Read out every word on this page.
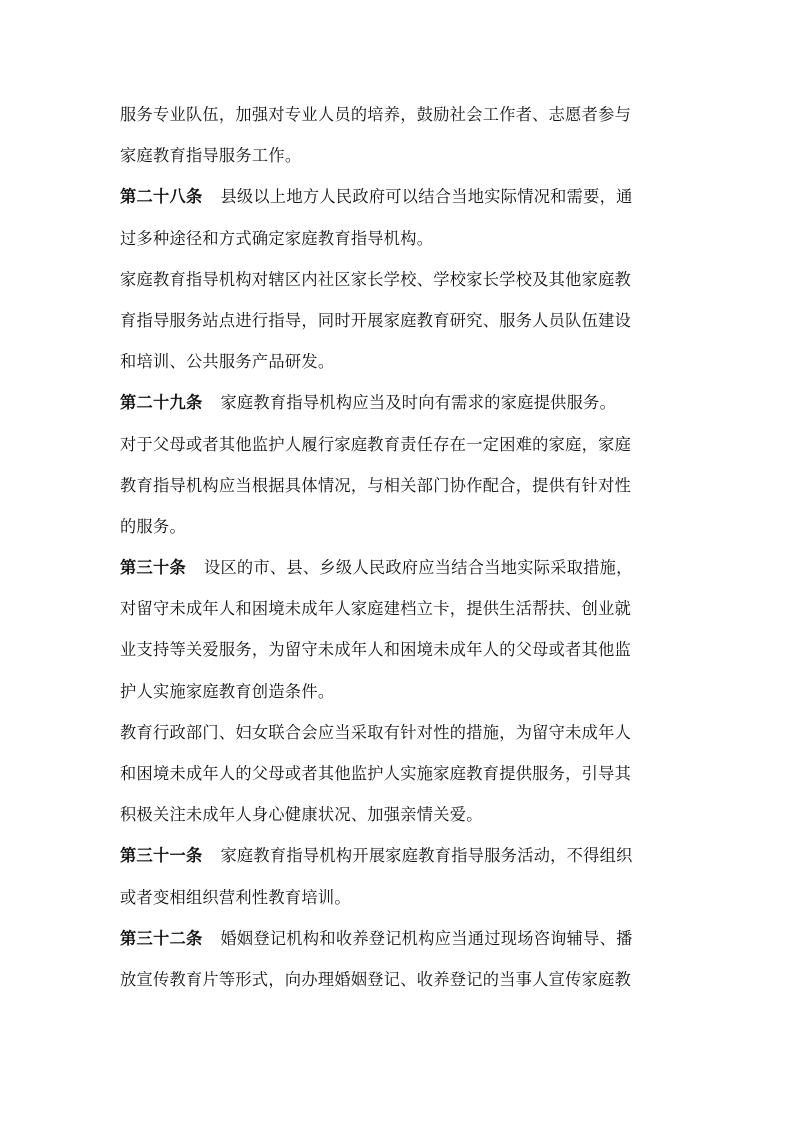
服务专业队伍，加强对专业人员的培养，鼓励社会工作者、志愿者参与
家庭教育指导服务工作。
第二十八条 县级以上地方人民政府可以结合当地实际情况和需要，通
过多种途径和方式确定家庭教育指导机构。
家庭教育指导机构对辖区内社区家长学校、学校家长学校及其他家庭教
育指导服务站点进行指导，同时开展家庭教育研究、服务人员队伍建设
和培训、公共服务产品研发。
第二十九条 家庭教育指导机构应当及时向有需求的家庭提供服务。
对于父母或者其他监护人履行家庭教育责任存在一定困难的家庭，家庭
教育指导机构应当根据具体情况，与相关部门协作配合，提供有针对性
的服务。
第三十条 设区的市、县、乡级人民政府应当结合当地实际采取措施，
对留守未成年人和困境未成年人家庭建档立卡，提供生活帮扶、创业就
业支持等关爱服务，为留守未成年人和困境未成年人的父母或者其他监
护人实施家庭教育创造条件。
教育行政部门、妇女联合会应当采取有针对性的措施，为留守未成年人
和困境未成年人的父母或者其他监护人实施家庭教育提供服务，引导其
积极关注未成年人身心健康状况、加强亲情关爱。
第三十一条 家庭教育指导机构开展家庭教育指导服务活动，不得组织
或者变相组织营利性教育培训。
第三十二条 婚姻登记机构和收养登记机构应当通过现场咨询辅导、播
放宣传教育片等形式，向办理婚姻登记、收养登记的当事人宣传家庭教
